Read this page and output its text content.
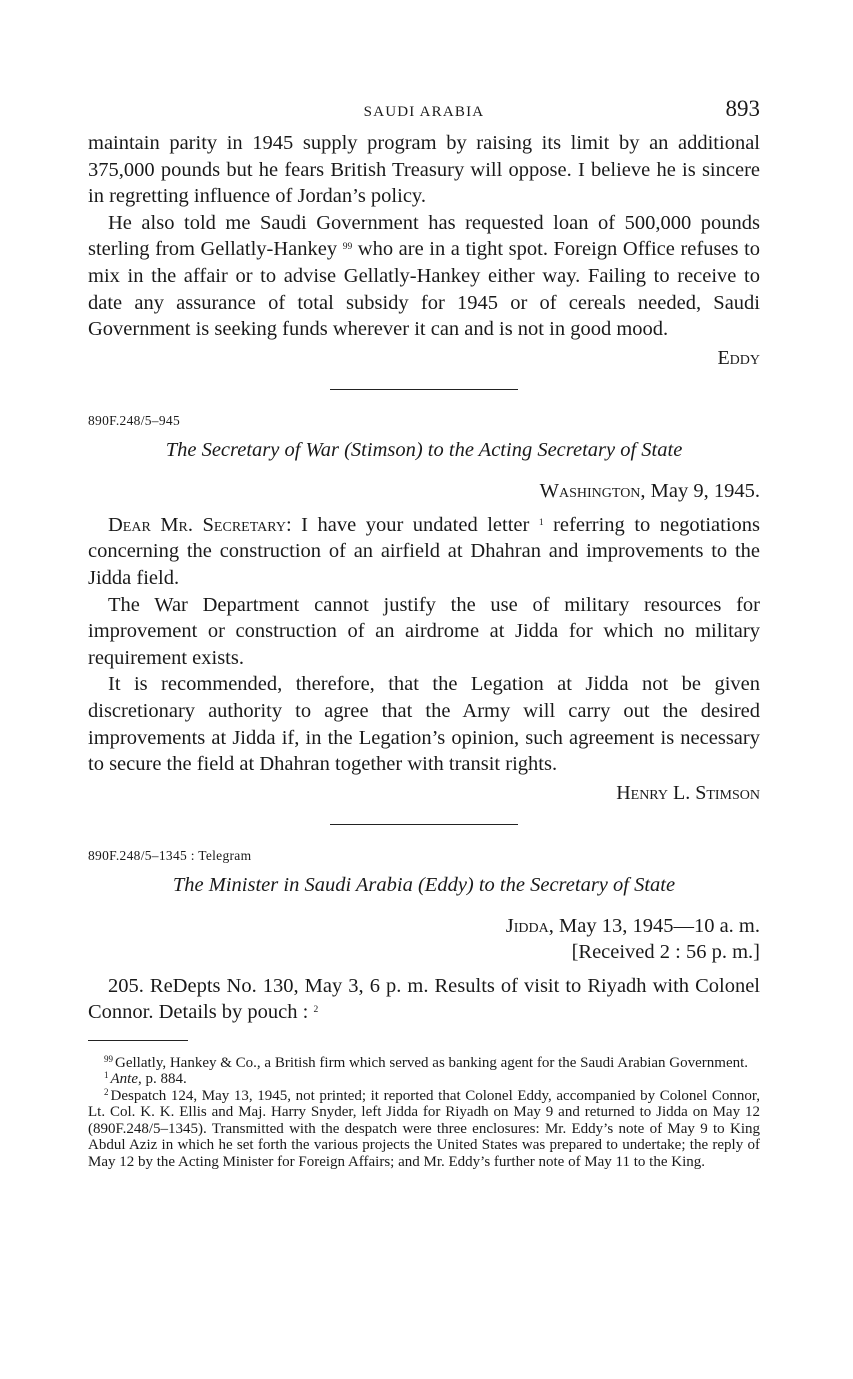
SAUDI ARABIA	893

maintain parity in 1945 supply program by raising its limit by an additional 375,000 pounds but he fears British Treasury will oppose. I believe he is sincere in regretting influence of Jordan’s policy.

He also told me Saudi Government has requested loan of 500,000 pounds sterling from Gellatly-Hankey $^{99}$ who are in a tight spot. Foreign Office refuses to mix in the affair or to advise Gellatly-Hankey either way. Failing to receive to date any assurance of total subsidy for 1945 or of cereals needed, Saudi Government is seeking funds wherever it can and is not in good mood.

Eddy
890F.248/5–945
The Secretary of War (Stimson) to the Acting Secretary of State
Washington, May 9, 1945.

Dear Mr. Secretary: I have your undated letter $^1$ referring to negotiations concerning the construction of an airfield at Dhahran and improvements to the Jidda field.

The War Department cannot justify the use of military resources for improvement or construction of an airdrome at Jidda for which no military requirement exists.

It is recommended, therefore, that the Legation at Jidda not be given discretionary authority to agree that the Army will carry out the desired improvements at Jidda if, in the Legation’s opinion, such agreement is necessary to secure the field at Dhahran together with transit rights.

Henry L. Stimson
890F.248/5–1345 : Telegram
The Minister in Saudi Arabia (Eddy) to the Secretary of State
Jidda, May 13, 1945—10 a. m.
[Received 2 : 56 p. m.]

205. ReDepts No. 130, May 3, 6 p. m. Results of visit to Riyadh with Colonel Connor. Details by pouch : $^2$

$^{99}$ Gellatly, Hankey & Co., a British firm which served as banking agent for the Saudi Arabian Government.
$^1$ Ante, p. 884.
$^2$ Despatch 124, May 13, 1945, not printed; it reported that Colonel Eddy, accompanied by Colonel Connor, Lt. Col. K. K. Ellis and Maj. Harry Snyder, left Jidda for Riyadh on May 9 and returned to Jidda on May 12 (890F.248/5–1345). Transmitted with the despatch were three enclosures: Mr. Eddy’s note of May 9 to King Abdul Aziz in which he set forth the various projects the United States was prepared to undertake; the reply of May 12 by the Acting Minister for Foreign Affairs; and Mr. Eddy’s further note of May 11 to the King.
